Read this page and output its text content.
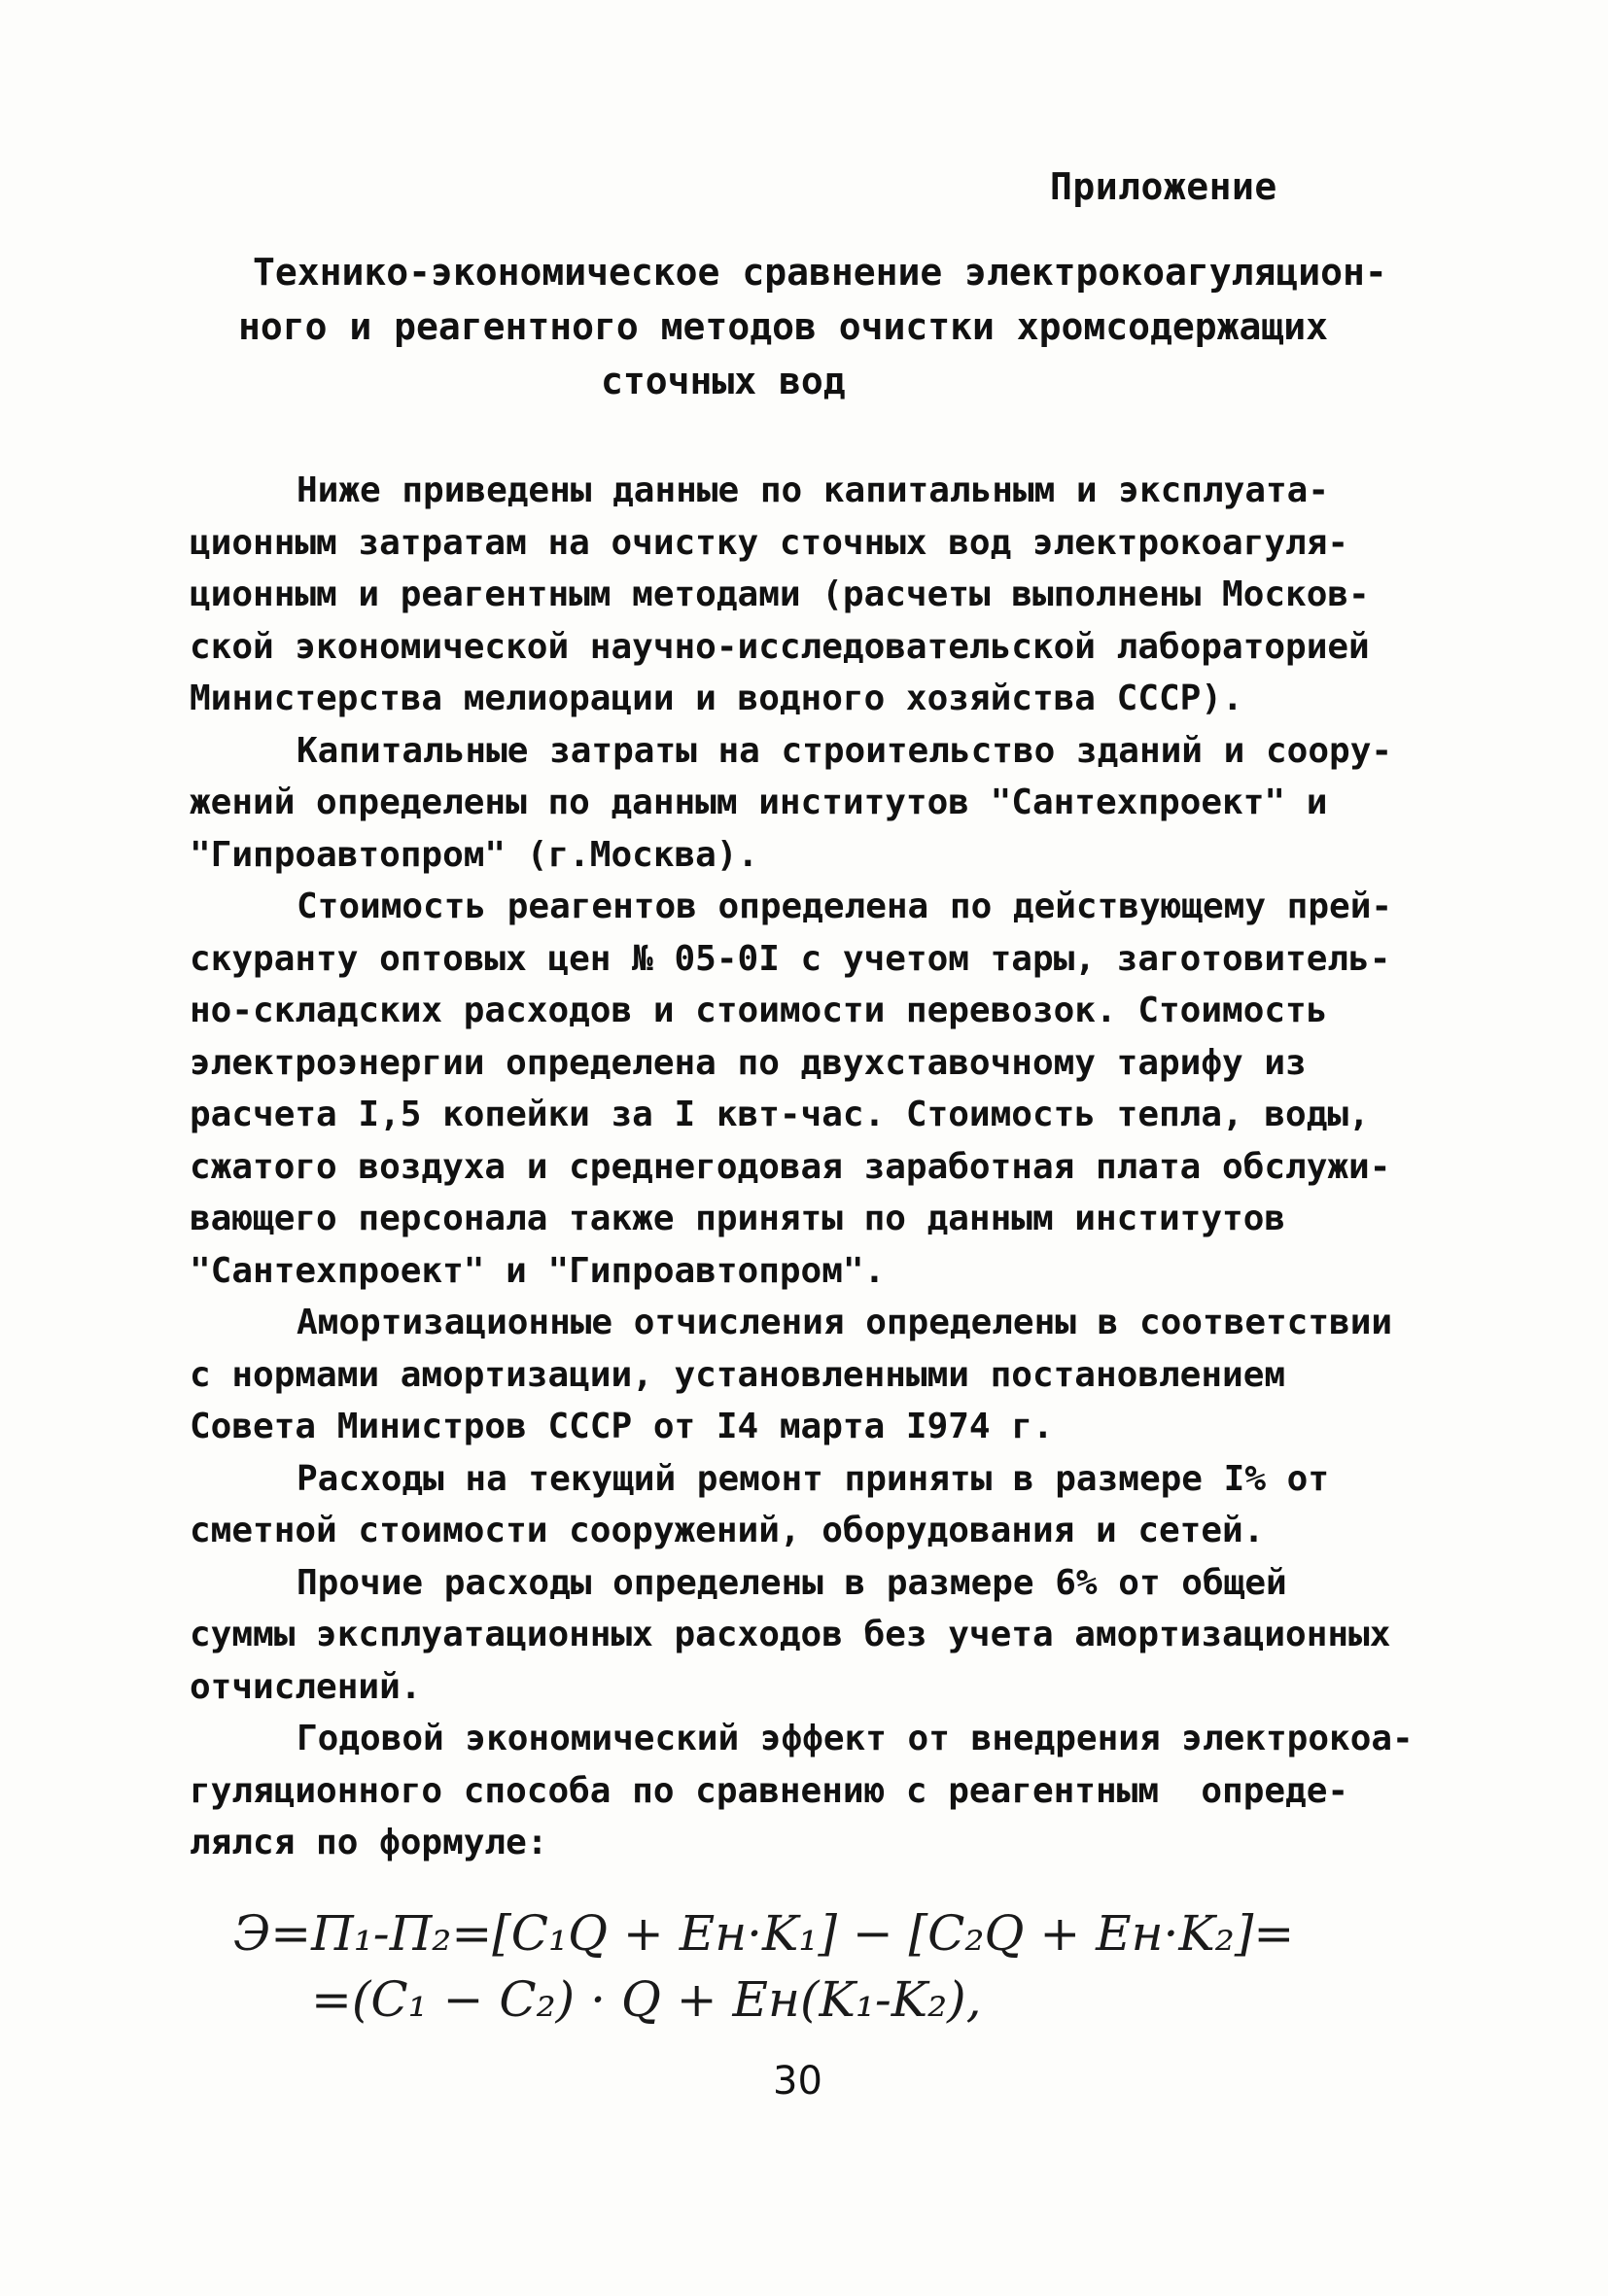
Приложение
Технико-экономическое сравнение электрокоагуляцион-
ного и реагентного методов очистки хромсодержащих
сточных вод
Ниже приведены данные по капитальным и эксплуата-
ционным затратам на очистку сточных вод электрокоагуля-
ционным и реагентным методами (расчеты выполнены Москов-
ской экономической научно-исследовательской лабораторией
Министерства мелиорации и водного хозяйства СССР).
Капитальные затраты на строительство зданий и соору-
жений определены по данным институтов "Сантехпроект" и
"Гипроавтопром" (г.Москва).
Стоимость реагентов определена по действующему прей-
скуранту оптовых цен № 05-0I с учетом тары, заготовитель-
но-складских расходов и стоимости перевозок. Стоимость
электроэнергии определена по двухставочному тарифу из
расчета I,5 копейки за I квт-час. Стоимость тепла, воды,
сжатого воздуха и среднегодовая заработная плата обслужи-
вающего персонала также приняты по данным институтов
"Сантехпроект" и "Гипроавтопром".
Амортизационные отчисления определены в соответствии
с нормами амортизации, установленными постановлением
Совета Министров СССР от I4 марта I974 г.
Расходы на текущий ремонт приняты в размере I% от
сметной стоимости сооружений, оборудования и сетей.
Прочие расходы определены в размере 6% от общей
суммы эксплуатационных расходов без учета амортизационных
отчислений.
Годовой экономический эффект от внедрения электрокоа-
гуляционного способа по сравнению с реагентным  опреде-
лялся по формуле:
Э=П₁-П₂=[C₁Q + Ен·K₁] − [C₂Q + Ен·K₂]=
=(C₁ − C₂) · Q + Ен(K₁-K₂),
30
